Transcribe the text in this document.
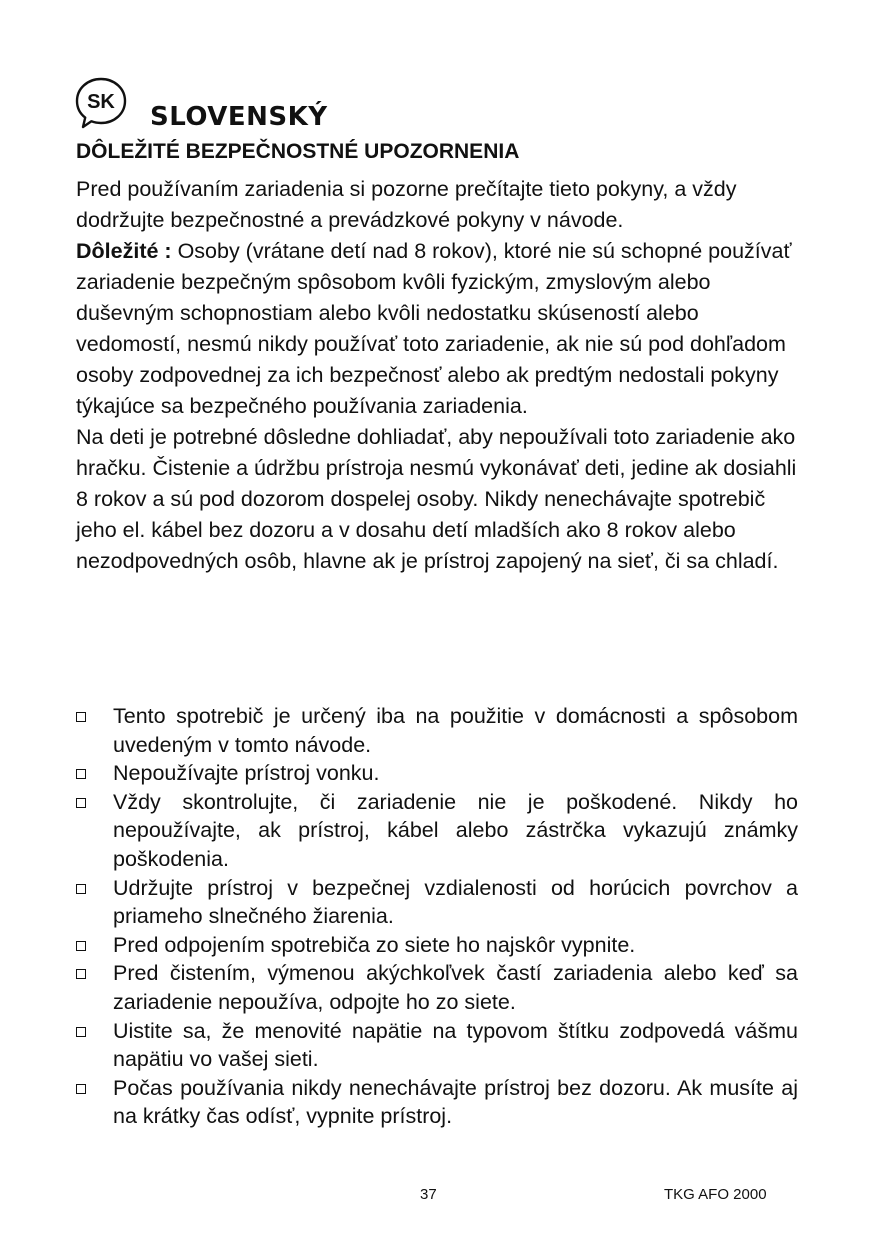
SK SLOVENSKÝ
DÔLEŽITÉ BEZPEČNOSTNÉ UPOZORNENIA

Pred používaním zariadenia si pozorne prečítajte tieto pokyny, a vždy dodržujte bezpečnostné a prevádzkové pokyny v návode.

Dôležité : Osoby (vrátane detí nad 8 rokov), ktoré nie sú schopné používať zariadenie bezpečným spôsobom kvôli fyzickým, zmyslovým alebo duševným schopnostiam alebo kvôli nedostatku skúseností alebo vedomostí, nesmú nikdy používať toto zariadenie, ak nie sú pod dohľadom osoby zodpovednej za ich bezpečnosť alebo ak predtým nedostali pokyny týkajúce sa bezpečného používania zariadenia.

Na deti je potrebné dôsledne dohliadať, aby nepoužívali toto zariadenie ako hračku. Čistenie a údržbu prístroja nesmú vykonávať deti, jedine ak dosiahli 8 rokov a sú pod dozorom dospelej osoby. Nikdy nenechávajte spotrebič jeho el. kábel bez dozoru a v dosahu detí mladších ako 8 rokov alebo nezodpovedných osôb, hlavne ak je prístroj zapojený na sieť, či sa chladí.

Tento spotrebič je určený iba na použitie v domácnosti a spôsobom uvedeným v tomto návode.
Nepoužívajte prístroj vonku.
Vždy skontrolujte, či zariadenie nie je poškodené. Nikdy ho nepoužívajte, ak prístroj, kábel alebo zástrčka vykazujú známky poškodenia.
Udržujte prístroj v bezpečnej vzdialenosti od horúcich povrchov a priameho slnečného žiarenia.
Pred odpojením spotrebiča zo siete ho najskôr vypnite.
Pred čistením, výmenou akýchkoľvek častí zariadenia alebo keď sa zariadenie nepoužíva, odpojte ho zo siete.
Uistite sa, že menovité napätie na typovom štítku zodpovedá vášmu napätiu vo vašej sieti.
Počas používania nikdy nenechávajte prístroj bez dozoru. Ak musíte aj na krátky čas odísť, vypnite prístroj.
37	TKG AFO 2000
